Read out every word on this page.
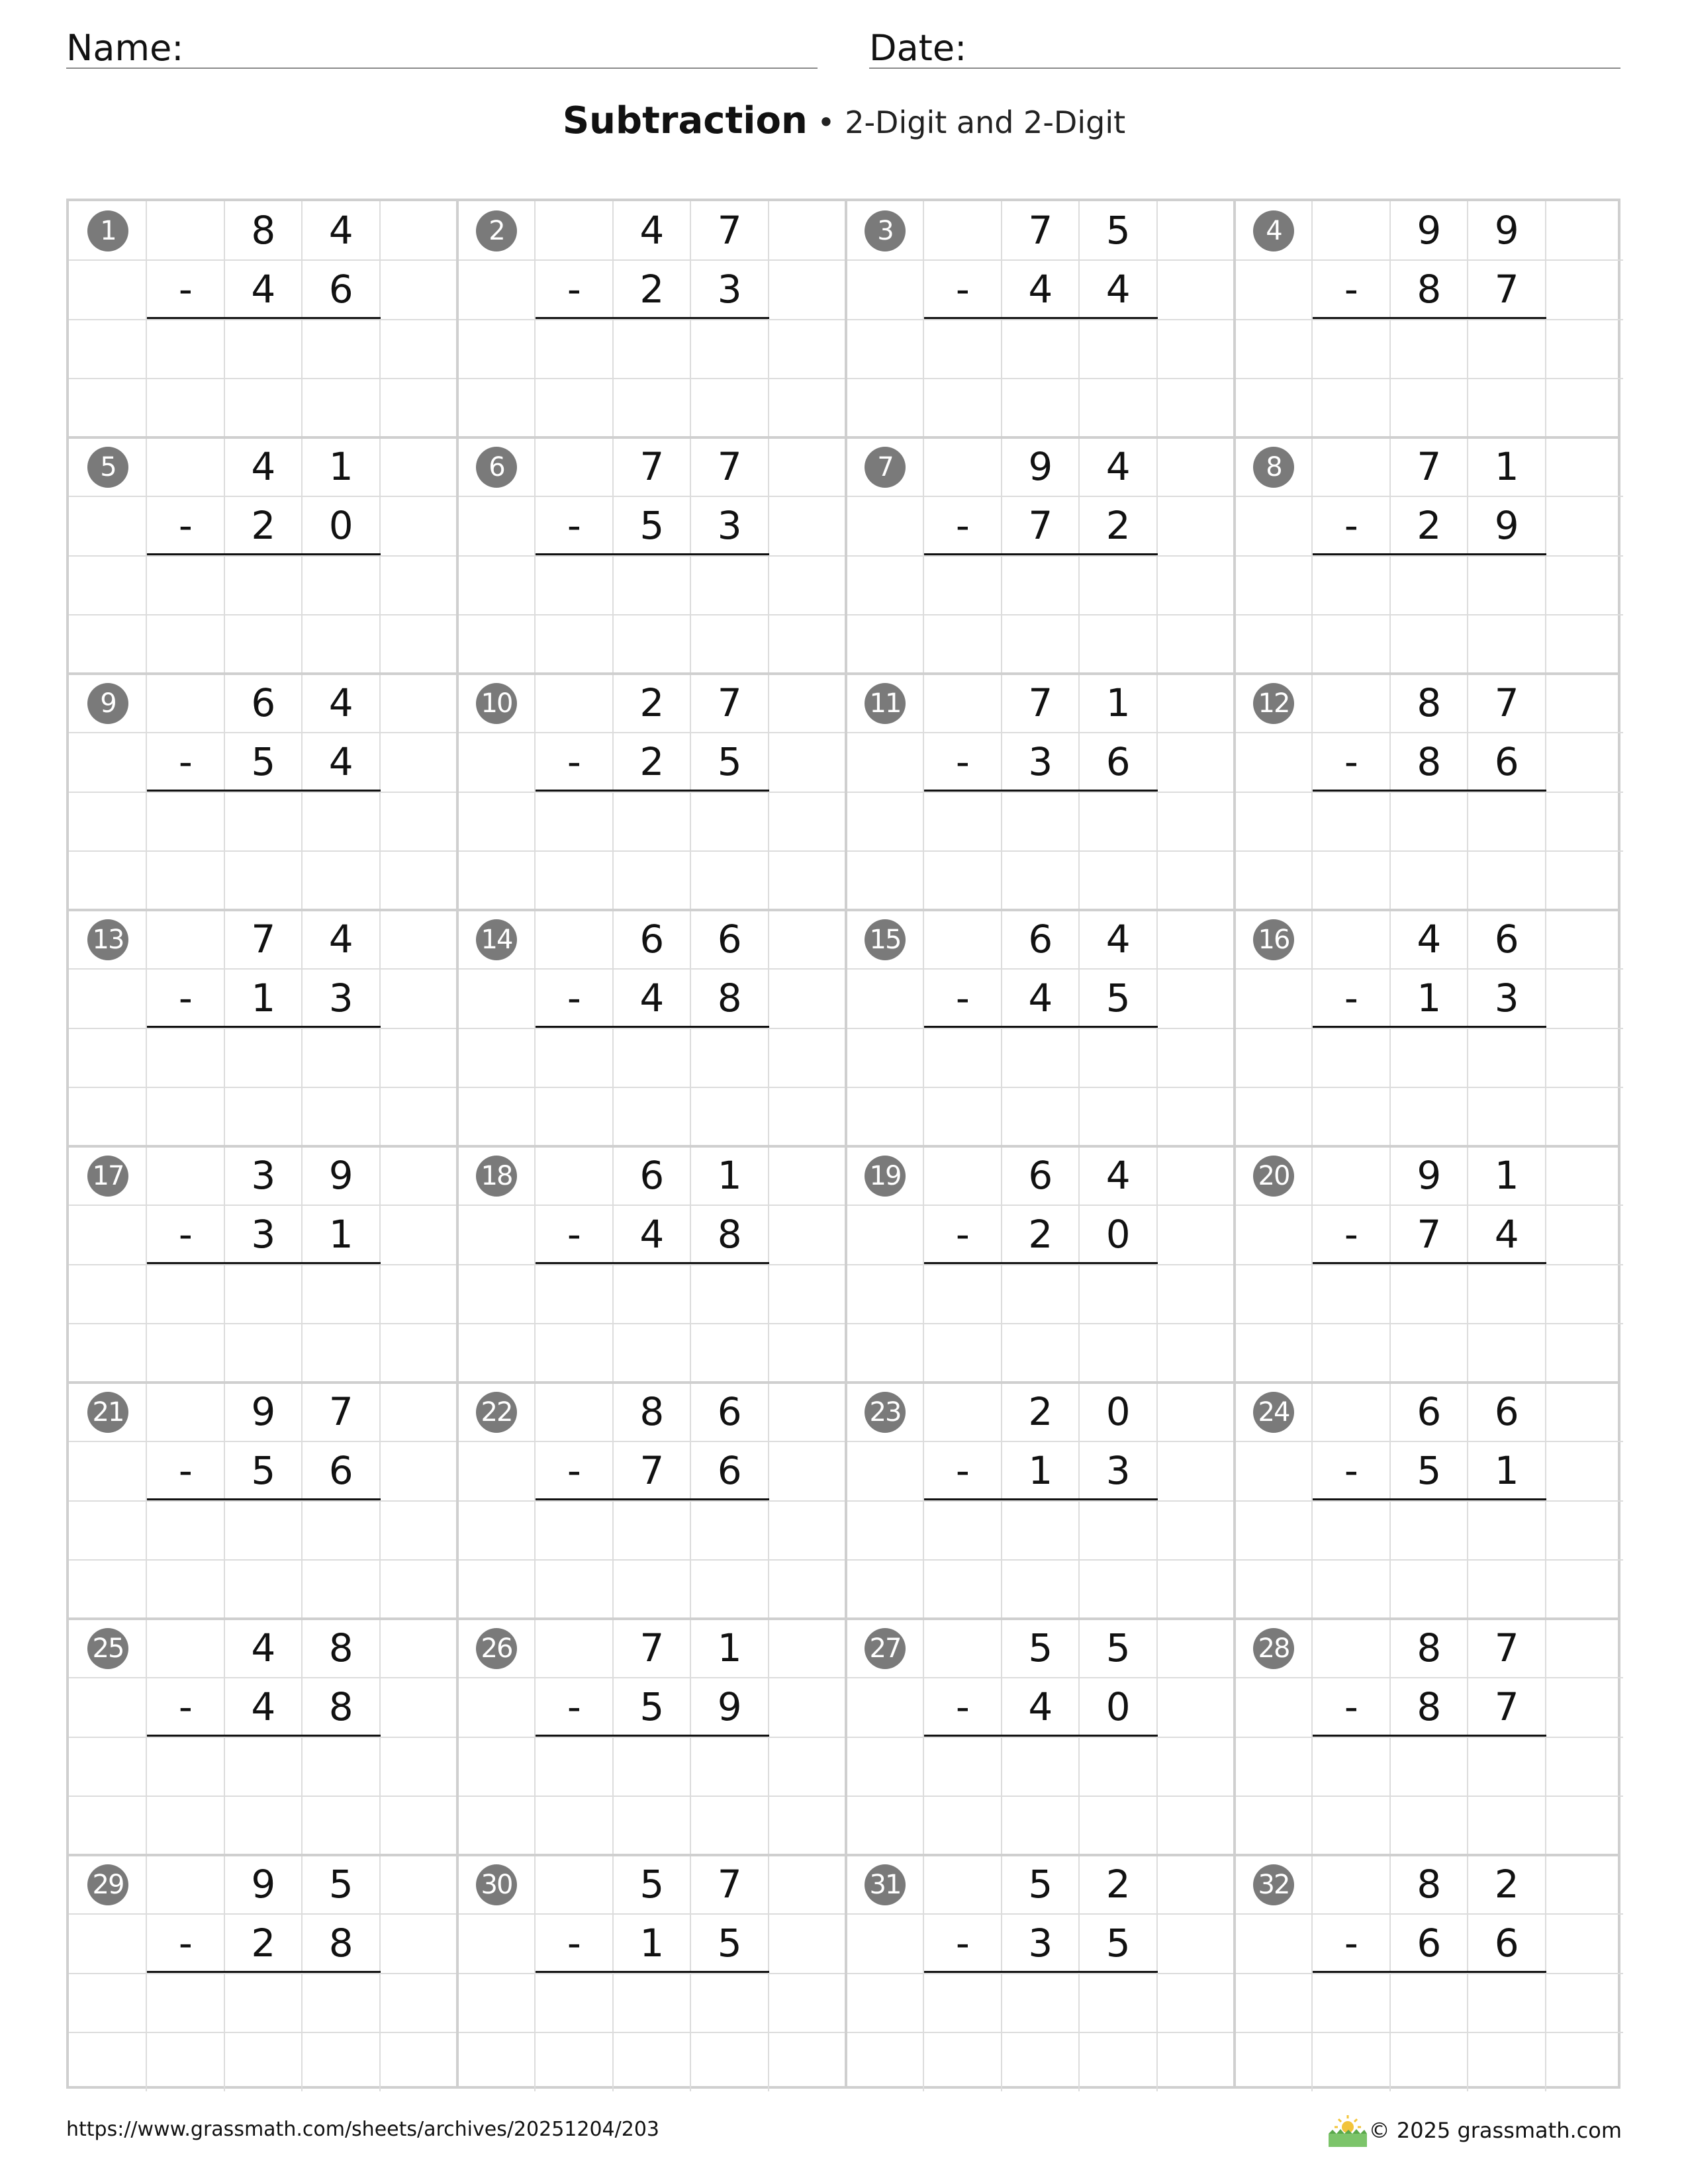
Name:	Date:
Subtraction • 2-Digit and 2-Digit
1	8	4
-	4	6
2	4	7
-	2	3
3	7	5
-	4	4
4	9	9
-	8	7
5	4	1
-	2	0
6	7	7
-	5	3
7	9	4
-	7	2
8	7	1
-	2	9
9	6	4
-	5	4
10	2	7
-	2	5
11	7	1
-	3	6
12	8	7
-	8	6
13	7	4
-	1	3
14	6	6
-	4	8
15	6	4
-	4	5
16	4	6
-	1	3
17	3	9
-	3	1
18	6	1
-	4	8
19	6	4
-	2	0
20	9	1
-	7	4
21	9	7
-	5	6
22	8	6
-	7	6
23	2	0
-	1	3
24	6	6
-	5	1
25	4	8
-	4	8
26	7	1
-	5	9
27	5	5
-	4	0
28	8	7
-	8	7
29	9	5
-	2	8
30	5	7
-	1	5
31	5	2
-	3	5
32	8	2
-	6	6
https://www.grassmath.com/sheets/archives/20251204/203	© 2025 grassmath.com
